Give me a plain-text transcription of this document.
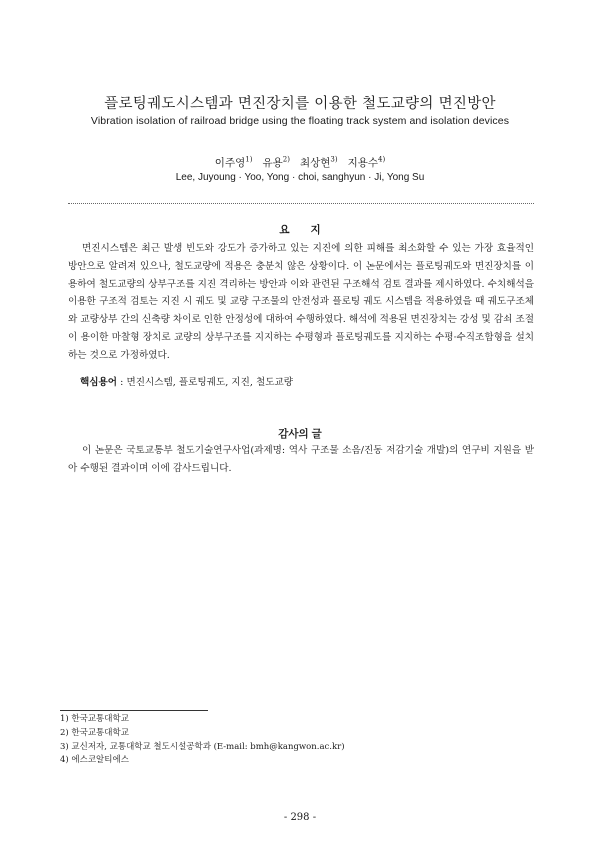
플로팅궤도시스템과 면진장치를 이용한 철도교량의 면진방안
Vibration isolation of railroad bridge using the floating track system and isolation devices
이주영$^{1)}$ 유용$^{2)}$ 최상현$^{3)}$ 지용수$^{4)}$
Lee, Juyoung · Yoo, Yong · choi, sanghyun · Ji, Yong Su
요 지
면진시스템은 최근 발생 빈도와 강도가 증가하고 있는 지진에 의한 피해를 최소화할 수 있는 가장 효율적인 방안으로 알려져 있으나, 철도교량에 적용은 충분치 않은 상황이다. 이 논문에서는 플로팅궤도와 면진장치를 이용하여 철도교량의 상부구조를 지진 격리하는 방안과 이와 관련된 구조해석 검토 결과를 제시하였다. 수치해석을 이용한 구조적 검토는 지진 시 궤도 및 교량 구조물의 안전성과 플로팅 궤도 시스템을 적용하였을 때 궤도구조체와 교량상부 간의 신축량 차이로 인한 안정성에 대하여 수행하였다. 해석에 적용된 면진장치는 강성 및 감쇠 조절이 용이한 마찰형 장치로 교량의 상부구조를 지지하는 수평형과 플로팅궤도를 지지하는 수평·수직조합형을 설치하는 것으로 가정하였다.
핵심용어 : 면진시스템, 플로팅궤도, 지진, 철도교량
감사의 글
이 논문은 국토교통부 철도기술연구사업(과제명: 역사 구조물 소음/진동 저감기술 개발)의 연구비 지원을 받아 수행된 결과이며 이에 감사드립니다.
1) 한국교통대학교
2) 한국교통대학교
3) 교신저자, 교통대학교 철도시설공학과 (E-mail: bmh@kangwon.ac.kr)
4) 에스코알티에스
- 298 -
